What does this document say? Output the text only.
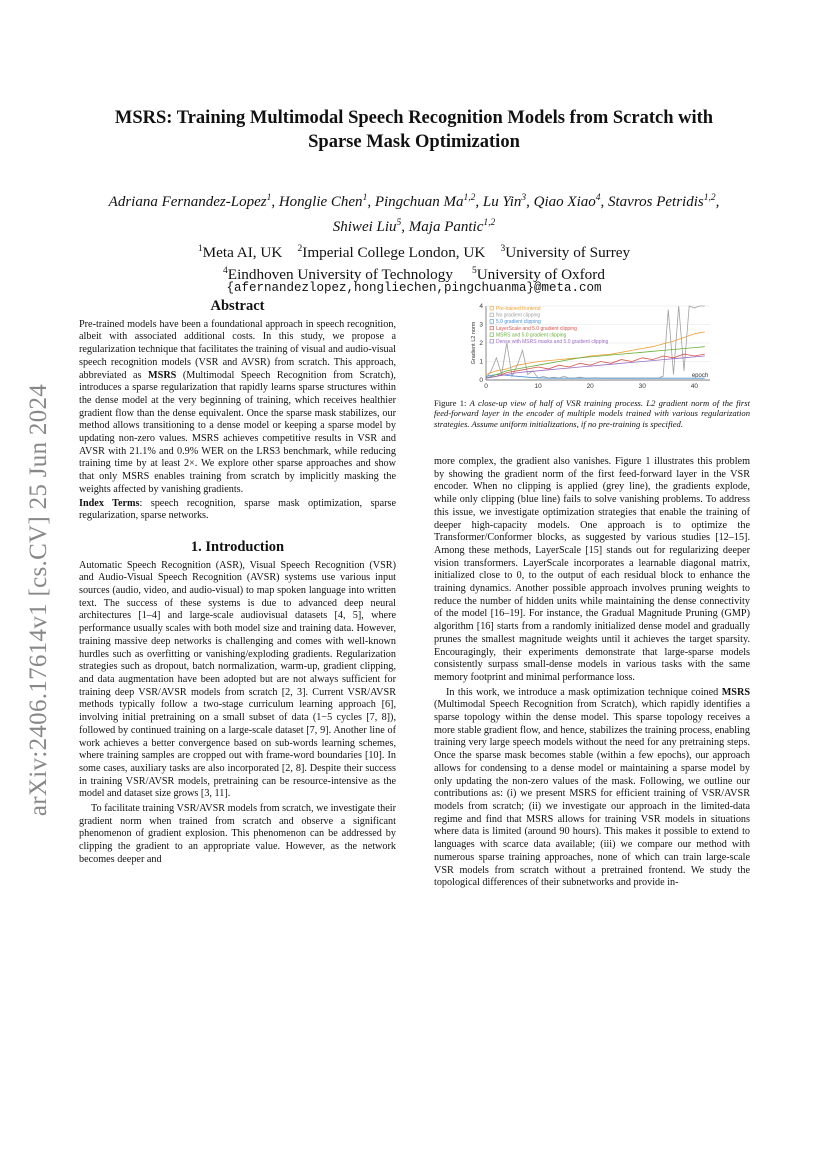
arXiv:2406.17614v1 [cs.CV] 25 Jun 2024
MSRS: Training Multimodal Speech Recognition Models from Scratch with
Sparse Mask Optimization

Adriana Fernandez-Lopez$^1$, Honglie Chen$^1$, Pingchuan Ma$^{1,2}$, Lu Yin$^3$, Qiao Xiao$^4$, Stavros Petridis$^{1,2}$, Shiwei Liu$^5$, Maja Pantic$^{1,2}$

$^1$Meta AI, UK $^2$Imperial College London, UK $^3$University of Surrey
$^4$Eindhoven University of Technology $^5$University of Oxford

{afernandezlopez,hongliechen,pingchuanma}@meta.com

Abstract

Pre-trained models have been a foundational approach in speech recognition, albeit with associated additional costs. In this study, we propose a regularization technique that facilitates the training of visual and audio-visual speech recognition models (VSR and AVSR) from scratch. This approach, abbreviated as MSRS (Multimodal Speech Recognition from Scratch), introduces a sparse regularization that rapidly learns sparse structures within the dense model at the very beginning of training, which receives healthier gradient flow than the dense equivalent. Once the sparse mask stabilizes, our method allows transitioning to a dense model or keeping a sparse model by updating non-zero values. MSRS achieves competitive results in VSR and AVSR with 21.1% and 0.9% WER on the LRS3 benchmark, while reducing training time by at least 2×. We explore other sparse approaches and show that only MSRS enables training from scratch by implicitly masking the weights affected by vanishing gradients.

Index Terms: speech recognition, sparse mask optimization, sparse regularization, sparse networks.

1. Introduction

Automatic Speech Recognition (ASR), Visual Speech Recognition (VSR) and Audio-Visual Speech Recognition (AVSR) systems use various input sources (audio, video, and audio-visual) to map spoken language into written text. The success of these systems is due to advanced deep neural architectures [1–4] and large-scale audiovisual datasets [4, 5], where performance usually scales with both model size and training data. However, training massive deep networks is challenging and comes with well-known hurdles such as overfitting or vanishing/exploding gradients. Regularization strategies such as dropout, batch normalization, warm-up, gradient clipping, and data augmentation have been adopted but are not always sufficient for training deep VSR/AVSR models from scratch [2, 3]. Current VSR/AVSR methods typically follow a two-stage curriculum learning approach [6], involving initial pretraining on a small subset of data (1−5 cycles [7, 8]), followed by continued training on a large-scale dataset [7, 9]. Another line of work achieves a better convergence based on sub-words learning schemes, where training samples are cropped out with frame-word boundaries [10]. In some cases, auxiliary tasks are also incorporated [2, 8]. Despite their success in training VSR/AVSR models, pretraining can be resource-intensive as the model and dataset size grows [3, 11].

To facilitate training VSR/AVSR models from scratch, we investigate their gradient norm when trained from scratch and observe a significant phenomenon of gradient explosion. This phenomenon can be addressed by clipping the gradient to an appropriate value. However, as the network becomes deeper and

0	10	20	30	40
0
1
2
3
4
Gradient L2 norm
epoch
Pre-trained frontend
No gradient clipping
5.0 gradient clipping
LayerScale and 5.0 gradient clipping
MSRS and 5.0 gradient clipping
Dense with MSRS masks and 5.0 gradient clipping

Figure 1: A close-up view of half of VSR training process. L2 gradient norm of the first feed-forward layer in the encoder of multiple models trained with various regularization strategies. Assume uniform initializations, if no pre-training is specified.

more complex, the gradient also vanishes. Figure 1 illustrates this problem by showing the gradient norm of the first feed-forward layer in the VSR encoder. When no clipping is applied (grey line), the gradients explode, while only clipping (blue line) fails to solve vanishing problems. To address this issue, we investigate optimization strategies that enable the training of deeper high-capacity models. One approach is to optimize the Transformer/Conformer blocks, as suggested by various studies [12–15]. Among these methods, LayerScale [15] stands out for regularizing deeper vision transformers. LayerScale incorporates a learnable diagonal matrix, initialized close to 0, to the output of each residual block to enhance the training dynamics. Another possible approach involves pruning weights to reduce the number of hidden units while maintaining the dense connectivity of the model [16–19]. For instance, the Gradual Magnitude Pruning (GMP) algorithm [16] starts from a randomly initialized dense model and gradually prunes the smallest magnitude weights until it achieves the target sparsity. Encouragingly, their experiments demonstrate that large-sparse models consistently surpass small-dense models in various tasks with the same memory footprint and minimal performance loss.

In this work, we introduce a mask optimization technique coined MSRS (Multimodal Speech Recognition from Scratch), which rapidly identifies a sparse topology within the dense model. This sparse topology receives a more stable gradient flow, and hence, stabilizes the training process, enabling training very large speech models without the need for any pretraining steps. Once the sparse mask becomes stable (within a few epochs), our approach allows for condensing to a dense model or maintaining a sparse model by only updating the non-zero values of the mask. Following, we outline our contributions as: (i) we present MSRS for efficient training of VSR/AVSR models from scratch; (ii) we investigate our approach in the limited-data regime and find that MSRS allows for training VSR models in situations where data is limited (around 90 hours). This makes it possible to extend to languages with scarce data available; (iii) we compare our method with numerous sparse training approaches, none of which can train large-scale VSR models from scratch without a pretrained frontend. We study the topological differences of their subnetworks and provide in-
